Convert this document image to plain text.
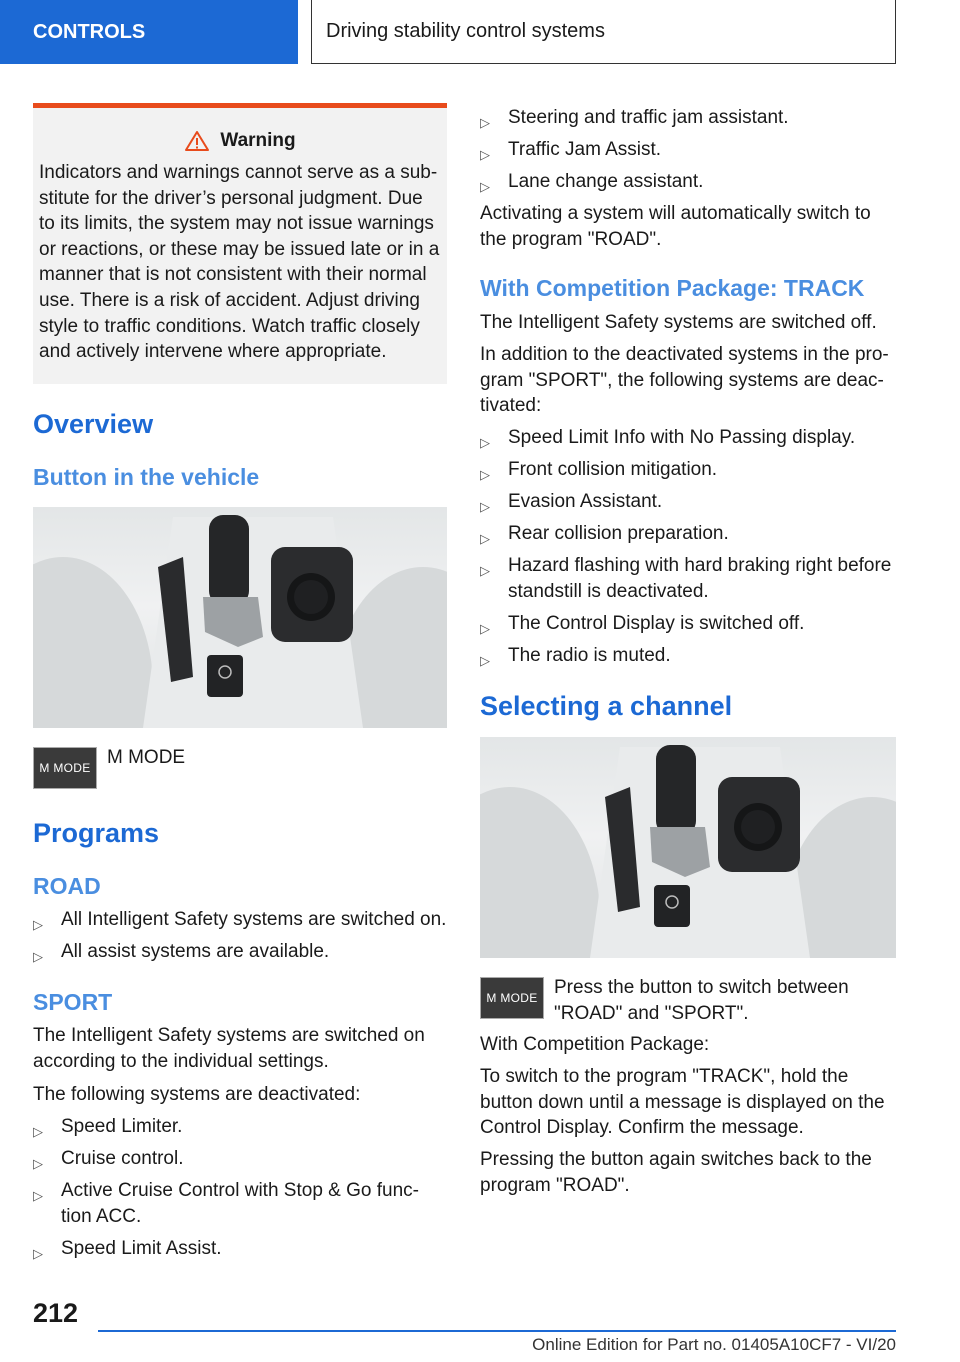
CONTROLS	Driving stability control systems
Warning
Indicators and warnings cannot serve as a sub-
stitute for the driver’s personal judgment. Due
to its limits, the system may not issue warnings
or reactions, or these may be issued late or in a
manner that is not consistent with their normal
use. There is a risk of accident. Adjust driving
style to traffic conditions. Watch traffic closely
and actively intervene where appropriate.
Overview
Button in the vehicle
M MODE M MODE
Programs
ROAD
▷ All Intelligent Safety systems are switched on.
▷ All assist systems are available.
SPORT
The Intelligent Safety systems are switched on
according to the individual settings.
The following systems are deactivated:
▷ Speed Limiter.
▷ Cruise control.
▷ Active Cruise Control with Stop & Go func-
tion ACC.
▷ Speed Limit Assist.
▷ Steering and traffic jam assistant.
▷ Traffic Jam Assist.
▷ Lane change assistant.
Activating a system will automatically switch to
the program "ROAD".
With Competition Package: TRACK
The Intelligent Safety systems are switched off.
In addition to the deactivated systems in the pro-
gram "SPORT", the following systems are deac-
tivated:
▷ Speed Limit Info with No Passing display.
▷ Front collision mitigation.
▷ Evasion Assistant.
▷ Rear collision preparation.
▷ Hazard flashing with hard braking right before
standstill is deactivated.
▷ The Control Display is switched off.
▷ The radio is muted.
Selecting a channel
M MODE Press the button to switch between
"ROAD" and "SPORT".
With Competition Package:
To switch to the program "TRACK", hold the
button down until a message is displayed on the
Control Display. Confirm the message.
Pressing the button again switches back to the
program "ROAD".
212
Online Edition for Part no. 01405A10CF7 - VI/20
